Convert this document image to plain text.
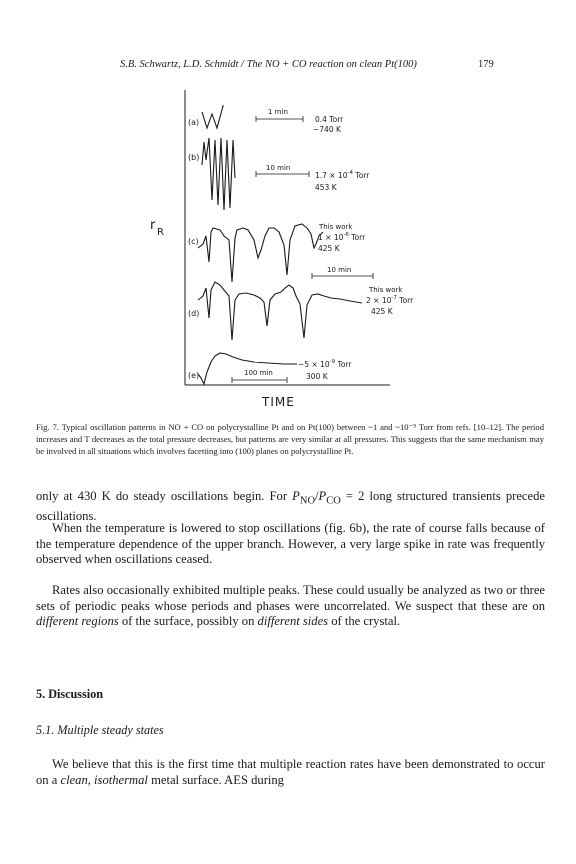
S.B. Schwartz, L.D. Schmidt / The NO + CO reaction on clean Pt(100)	179
r R
TIME
(a)
1 min
0.4 Torr
~740 K
(b)
10 min
$1.7 \times 10^{-4}$ Torr
453 K
(c)
This work
$1 \times 10^{-6}$ Torr
425 K
10 min
(d)
This work
$2 \times 10^{-7}$ Torr
425 K
(e)	100 min
~5 × $10^{-9}$ Torr
300 K
Fig. 7. Typical oscillation patterns in NO + CO on polycrystalline Pt and on Pt(100) between ~1 and ~10⁻⁹ Torr from refs. [10–12]. The period increases and T decreases as the total pressure decreases, but patterns are very similar at all pressures. This suggests that the same mechanism may be involved in all situations which involves facetting into (100) planes on polycrystalline Pt.

only at 430 K do steady oscillations begin. For $P_{NO}/P_{CO} = 2$ long structured transients precede oscillations.

When the temperature is lowered to stop oscillations (fig. 6b), the rate of course falls because of the temperature dependence of the upper branch. However, a very large spike in rate was frequently observed when oscillations ceased.

Rates also occasionally exhibited multiple peaks. These could usually be analyzed as two or three sets of periodic peaks whose periods and phases were uncorrelated. We suspect that these are on different regions of the surface, possibly on different sides of the crystal.

5. Discussion
5.1. Multiple steady states

We believe that this is the first time that multiple reaction rates have been demonstrated to occur on a clean, isothermal metal surface. AES during
